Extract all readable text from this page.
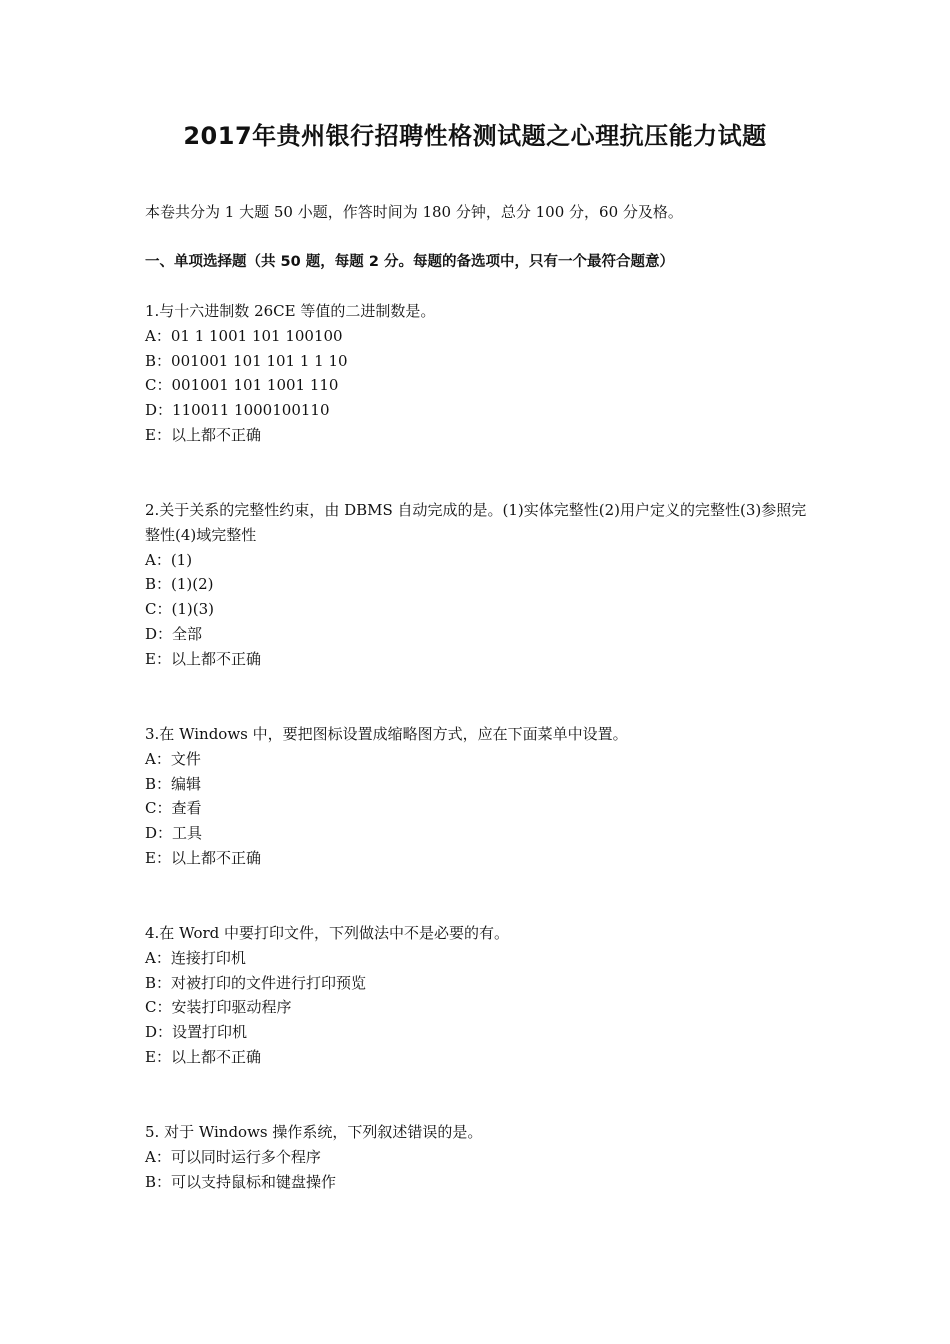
2017年贵州银行招聘性格测试题之心理抗压能力试题
本卷共分为 1 大题 50 小题，作答时间为 180 分钟，总分 100 分，60 分及格。
一、单项选择题（共 50 题，每题 2 分。每题的备选项中，只有一个最符合题意）

1.与十六进制数 26CE 等值的二进制数是。

A：01 1 1001 101 100100

B：001001 101 101 1 1 10

C：001001 101 1001 110

D：110011 1000100110

E：以上都不正确

2.关于关系的完整性约束，由 DBMS 自动完成的是。(1)实体完整性(2)用户定义的完整性(3)参照完整性(4)域完整性

A：(1)

B：(1)(2)

C：(1)(3)

D：全部

E：以上都不正确

3.在 Windows 中，要把图标设置成缩略图方式，应在下面菜单中设置。

A：文件

B：编辑

C：查看

D：工具

E：以上都不正确

4.在 Word 中要打印文件，下列做法中不是必要的有。

A：连接打印机

B：对被打印的文件进行打印预览

C：安装打印驱动程序

D：设置打印机

E：以上都不正确

5. 对于 Windows 操作系统，下列叙述错误的是。

A：可以同时运行多个程序

B：可以支持鼠标和键盘操作
